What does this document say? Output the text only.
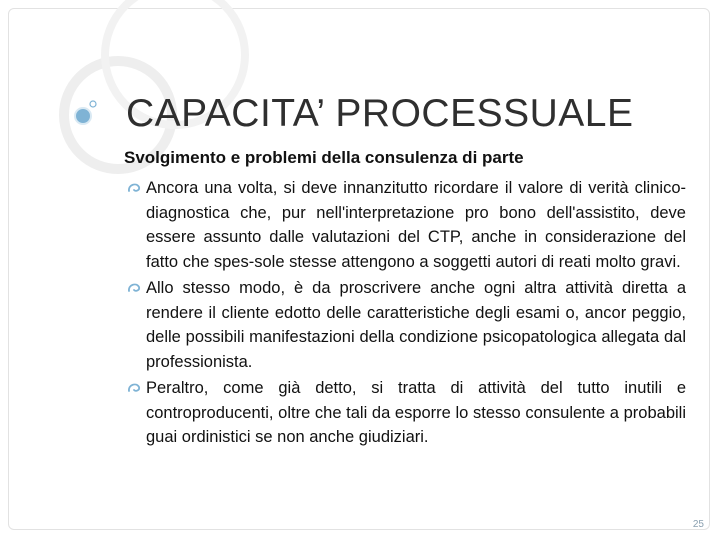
CAPACITA’ PROCESSUALE
Svolgimento e problemi della consulenza di parte
Ancora una volta, si deve innanzitutto ricordare il valore di verità clinico-diagnostica che, pur nell'interpretazione pro bono dell'assistito, deve essere assunto dalle valutazioni del CTP, anche in considerazione del fatto che spes-sole stesse attengono a soggetti autori di reati molto gravi.
Allo stesso modo, è da proscrivere anche ogni altra attività diretta a rendere il cliente edotto delle caratteristiche degli esami o, ancor peggio, delle possibili manifestazioni della condizione psicopatologica allegata dal professionista.
Peraltro, come già detto, si tratta di attività del tutto inutili e controproducenti, oltre che tali da esporre lo stesso consulente a probabili guai ordinistici se non anche giudiziari.
25
